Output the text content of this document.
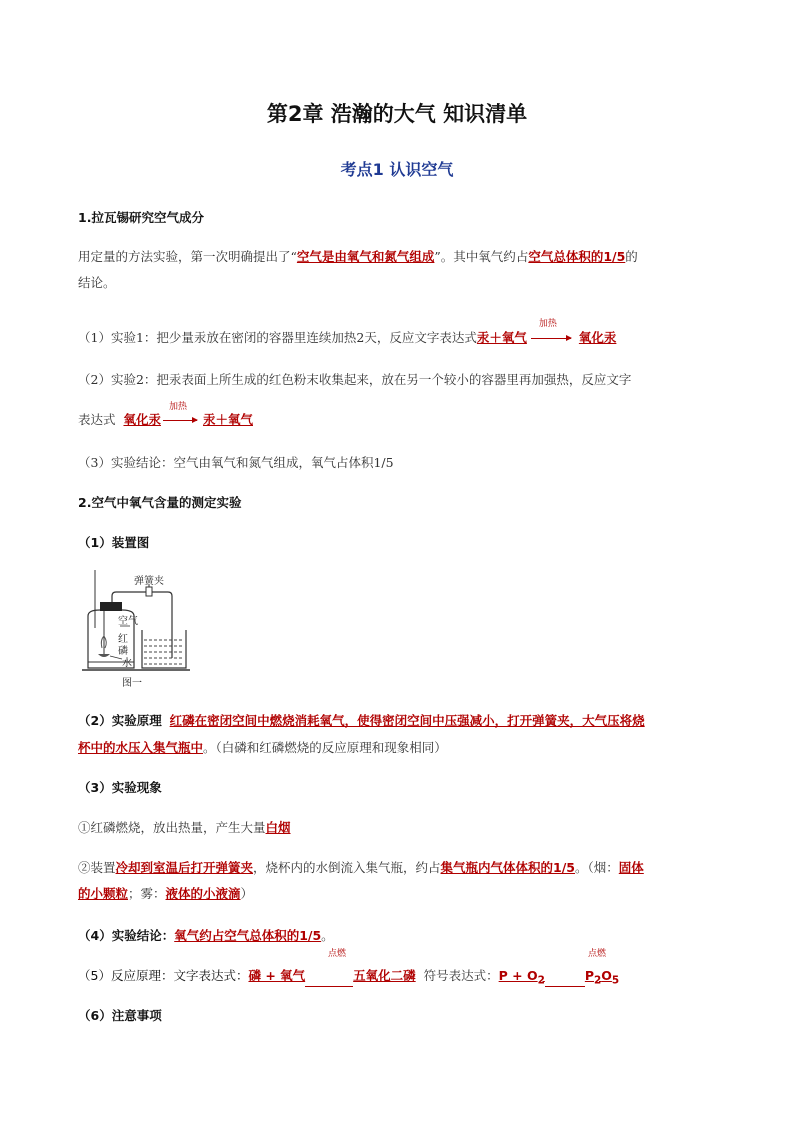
第2章 浩瀚的大气 知识清单
考点1 认识空气
1.拉瓦锡研究空气成分
用定量的方法实验，第一次明确提出了“空气是由氧气和氮气组成”。其中氧气约占空气总体积的1/5的
结论。
（1）实验1：把少量汞放在密闭的容器里连续加热2天，反应文字表达式汞＋氧气
加热
氧化汞
（2）实验2：把汞表面上所生成的红色粉末收集起来，放在另一个较小的容器里再加强热，反应文字
表达式 氧化汞
加热
汞＋氧气
（3）实验结论：空气由氧气和氮气组成，氧气占体积1/5
2.空气中氧气含量的测定实验
（1）装置图
弹簧夹
空气
红
磷
水
图一
（2）实验原理 红磷在密闭空间中燃烧消耗氧气，使得密闭空间中压强减小，打开弹簧夹，大气压将烧
杯中的水压入集气瓶中。（白磷和红磷燃烧的反应原理和现象相同）
（3）实验现象
①红磷燃烧，放出热量，产生大量白烟
②装置冷却到室温后打开弹簧夹，烧杯内的水倒流入集气瓶，约占集气瓶内气体体积的1/5。（烟：固体
的小颗粒；雾：液体的小液滴）
（4）实验结论：氧气约占空气总体积的1/5。
点燃	点燃
（5）反应原理：文字表达式：磷 + 氧气	五氧化二磷 符号表达式：$P + O_2$	$P_2O_5$
（6）注意事项
